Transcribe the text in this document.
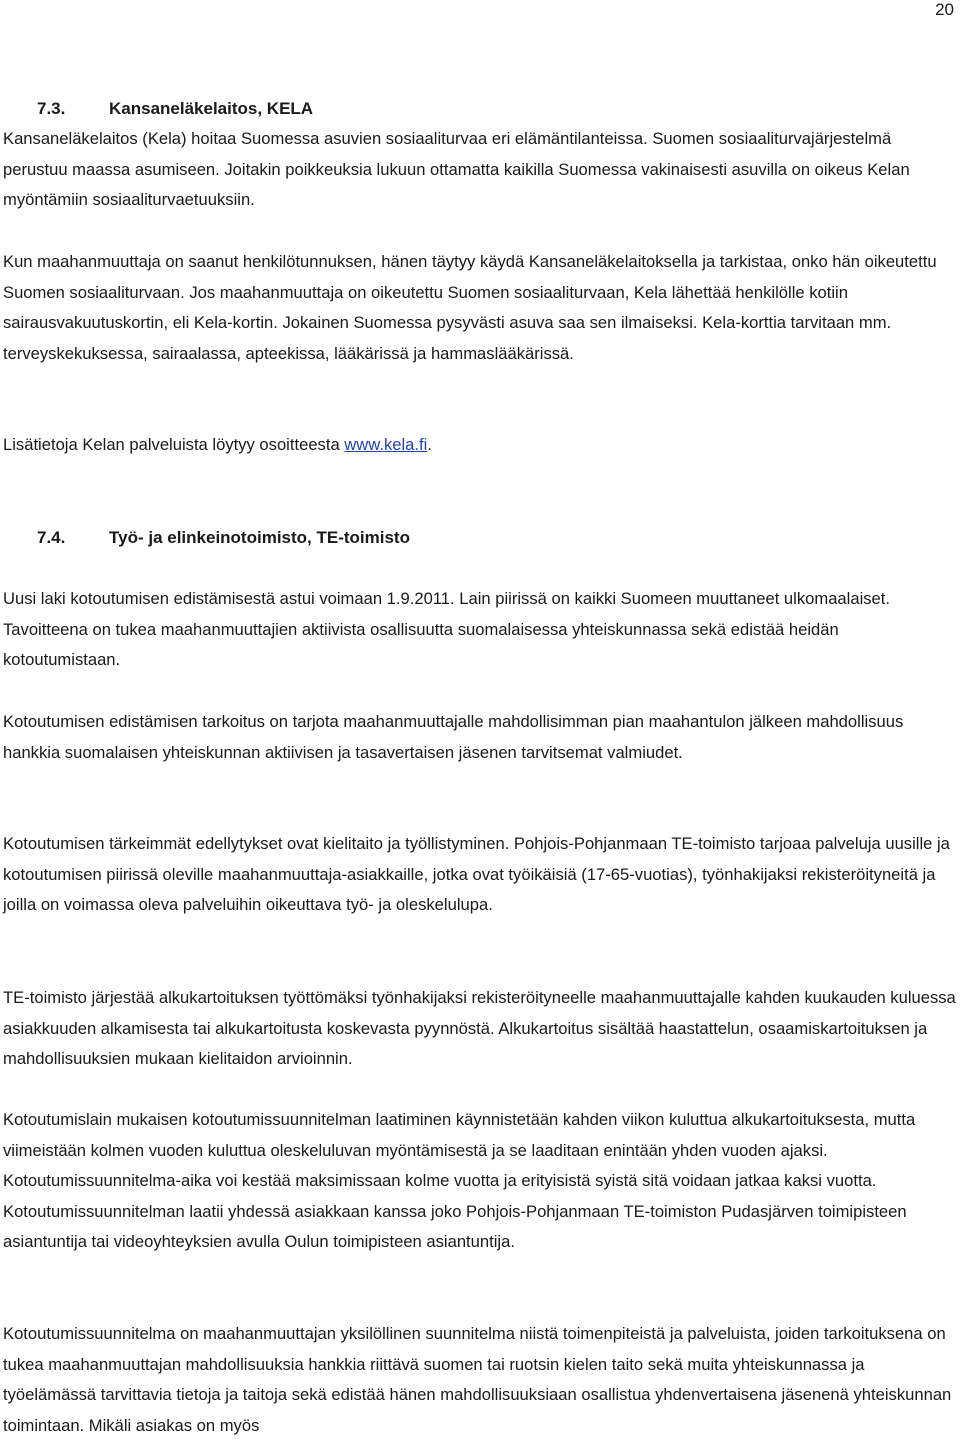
20
7.3.	Kansaneläkelaitos, KELA

Kansaneläkelaitos (Kela) hoitaa Suomessa asuvien sosiaaliturvaa eri elämäntilanteissa. Suomen sosiaaliturvajärjestelmä perustuu maassa asumiseen. Joitakin poikkeuksia lukuun ottamatta kaikilla Suomessa vakinaisesti asuvilla on oikeus Kelan myöntämiin sosiaaliturvaetuuksiin.

Kun maahanmuuttaja on saanut henkilötunnuksen, hänen täytyy käydä Kansaneläkelaitoksella ja tarkistaa, onko hän oikeutettu Suomen sosiaaliturvaan. Jos maahanmuuttaja on oikeutettu Suomen sosiaaliturvaan, Kela lähettää henkilölle kotiin sairausvakuutuskortin, eli Kela-kortin. Jokainen Suomessa pysyvästi asuva saa sen ilmaiseksi. Kela-korttia tarvitaan mm. terveyskekuksessa, sairaalassa, apteekissa, lääkärissä ja hammaslääkärissä.

Lisätietoja Kelan palveluista löytyy osoitteesta www.kela.fi.

7.4.	Työ- ja elinkeinotoimisto, TE-toimisto

Uusi laki kotoutumisen edistämisestä astui voimaan 1.9.2011. Lain piirissä on kaikki Suomeen muuttaneet ulkomaalaiset. Tavoitteena on tukea maahanmuuttajien aktiivista osallisuutta suomalaisessa yhteiskunnassa sekä edistää heidän kotoutumistaan.

Kotoutumisen edistämisen tarkoitus on tarjota maahanmuuttajalle mahdollisimman pian maahantulon jälkeen mahdollisuus hankkia suomalaisen yhteiskunnan aktiivisen ja tasavertaisen jäsenen tarvitsemat valmiudet.

Kotoutumisen tärkeimmät edellytykset ovat kielitaito ja työllistyminen. Pohjois-Pohjanmaan TE-toimisto tarjoaa palveluja uusille ja kotoutumisen piirissä oleville maahanmuuttaja-asiakkaille, jotka ovat työikäisiä (17-65-vuotias), työnhakijaksi rekisteröityneitä ja joilla on voimassa oleva palveluihin oikeuttava työ- ja oleskelulupa.

TE-toimisto järjestää alkukartoituksen työttömäksi työnhakijaksi rekisteröityneelle maahanmuuttajalle kahden kuukauden kuluessa asiakkuuden alkamisesta tai alkukartoitusta koskevasta pyynnöstä. Alkukartoitus sisältää haastattelun, osaamiskartoituksen ja mahdollisuuksien mukaan kielitaidon arvioinnin.

Kotoutumislain mukaisen kotoutumissuunnitelman laatiminen käynnistetään kahden viikon kuluttua alkukartoituksesta, mutta viimeistään kolmen vuoden kuluttua oleskeluluvan myöntämisestä ja se laaditaan enintään yhden vuoden ajaksi. Kotoutumissuunnitelma-aika voi kestää maksimissaan kolme vuotta ja erityisistä syistä sitä voidaan jatkaa kaksi vuotta. Kotoutumissuunnitelman laatii yhdessä asiakkaan kanssa joko Pohjois-Pohjanmaan TE-toimiston Pudasjärven toimipisteen asiantuntija tai videoyhteyksien avulla Oulun toimipisteen asiantuntija.

Kotoutumissuunnitelma on maahanmuuttajan yksilöllinen suunnitelma niistä toimenpiteistä ja palveluista, joiden tarkoituksena on tukea maahanmuuttajan mahdollisuuksia hankkia riittävä suomen tai ruotsin kielen taito sekä muita yhteiskunnassa ja työelämässä tarvittavia tietoja ja taitoja sekä edistää hänen mahdollisuuksiaan osallistua yhdenvertaisena jäsenenä yhteiskunnan toimintaan. Mikäli asiakas on myös
